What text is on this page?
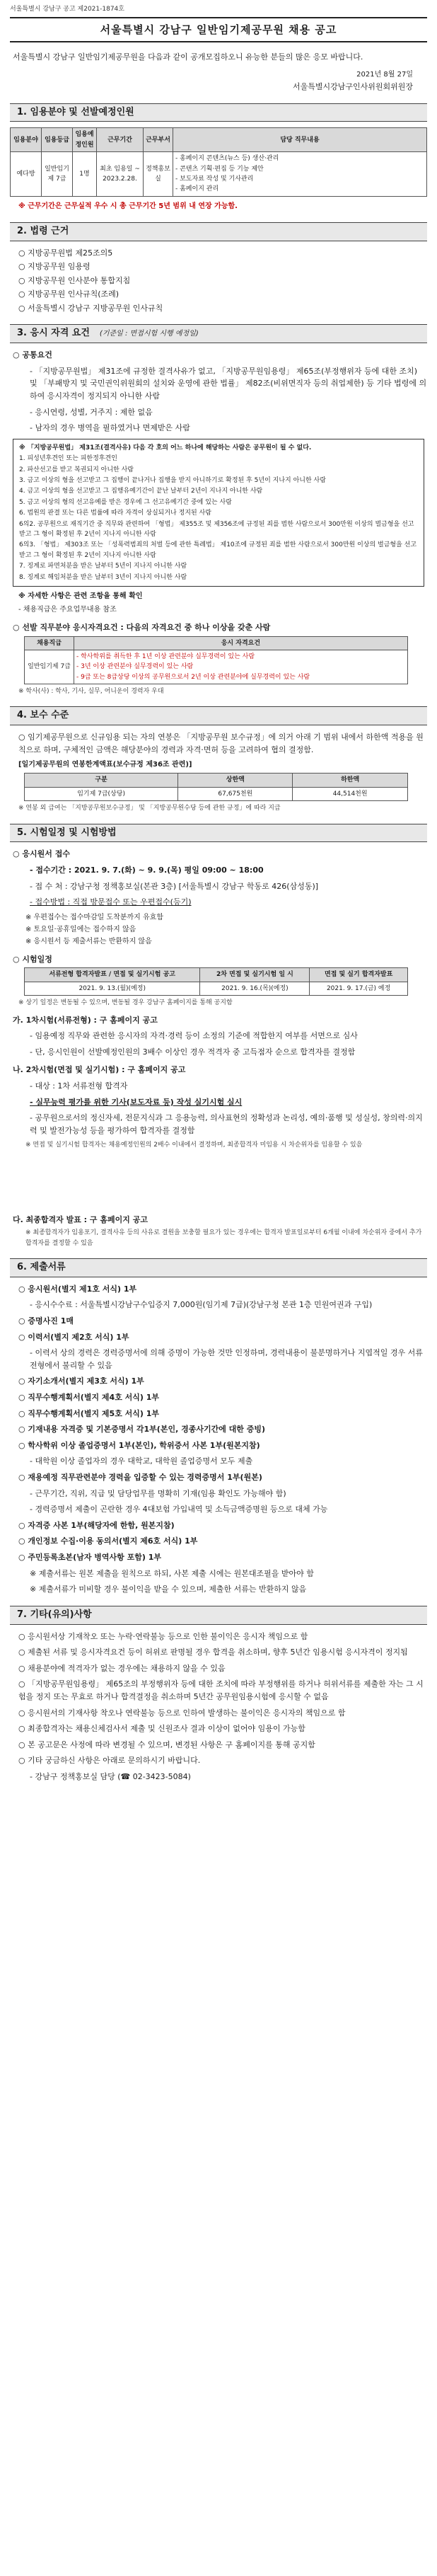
서울특별시 강남구 공고 제2021-1874호
서울특별시 강남구 일반임기제공무원 채용 공고

서울특별시 강남구 일반임기제공무원을 다음과 같이 공개모집하오니 유능한 분들의 많은 응모 바랍니다.

2021년 8월 27일
서울특별시강남구인사위원회위원장
1. 임용분야 및 선발예정인원
임용분야	임용등급	임용예정인원	근무기간	근무부서	담당 직무내용
예다방	일반임기제 7급	1명	최초 임용일 ~ 2023.2.28.	정책홍보실	- 홍페이지 콘텐츠(뉴스 등) 생산·관리
- 콘텐츠 기획·편집 등 기능 제안
- 보도자료 작성 및 기사관리
- 홈페이지 관리

※ 근무기간은 근무실적 우수 시 총 근무기간 5년 범위 내 연장 가능함.

2. 법령 근거

○ 지방공무원법 제25조의5

○ 지방공무원 임용령

○ 지방공무원 인사분야 통합지침

○ 지방공무원 인사규칙(조례)

○ 서울특별시 강남구 지방공무원 인사규칙

3. 응시 자격 요건 (기준일 : 면접시험 시행 예정일)

○ 공통요건

- 「지방공무원법」 제31조에 규정한 결격사유가 없고, 「지방공무원임용령」 제65조(부정행위자 등에 대한 조치) 및 「부패방지 및 국민권익위원회의 설치와 운영에 관한 법률」 제82조(비위면직자 등의 취업제한) 등 기타 법령에 의하여 응시자격이 정지되지 아니한 사람

- 응시연령, 성별, 거주지 : 제한 없음

- 남자의 경우 병역을 필하였거나 면제받은 사람

※ 「지방공무원법」 제31조(결격사유) 다음 각 호의 어느 하나에 해당하는 사람은 공무원이 될 수 없다.

1. 피성년후견인 또는 피한정후견인

2. 파산선고를 받고 복권되지 아니한 사람

3. 금고 이상의 형을 선고받고 그 집행이 끝나거나 집행을 받지 아니하기로 확정된 후 5년이 지나지 아니한 사람

4. 금고 이상의 형을 선고받고 그 집행유예기간이 끝난 날부터 2년이 지나지 아니한 사람

5. 금고 이상의 형의 선고유예를 받은 경우에 그 선고유예기간 중에 있는 사람

6. 법원의 판결 또는 다른 법률에 따라 자격이 상실되거나 정지된 사람

6의2. 공무원으로 재직기간 중 직무와 관련하여 「형법」 제355조 및 제356조에 규정된 죄를 범한 사람으로서 300만원 이상의 벌금형을 선고받고 그 형이 확정된 후 2년이 지나지 아니한 사람

6의3. 「형법」 제303조 또는 「성폭력범죄의 처벌 등에 관한 특례법」 제10조에 규정된 죄를 범한 사람으로서 300만원 이상의 벌금형을 선고받고 그 형이 확정된 후 2년이 지나지 아니한 사람

7. 징계로 파면처분을 받은 날부터 5년이 지나지 아니한 사람

8. 징계로 해임처분을 받은 날부터 3년이 지나지 아니한 사람

※ 자세한 사항은 관련 조항을 통해 확인

- 채용직급은 주요업무내용 참조

○ 선발 직무분야 응시자격요건 : 다음의 자격요건 중 하나 이상을 갖춘 사람

채용직급	응시 자격요건
일반임기제 7급	- 학사학위를 취득한 후 1년 이상 관련분야 실무경력이 있는 사람
- 3년 이상 관련분야 실무경력이 있는 사람
- 9급 또는 8급상당 이상의 공무원으로서 2년 이상 관련분야에 실무경력이 있는 사람

※ 학사(사) : 학사, 기사, 실무, 어니운이 경력자 우대

4. 보수 수준

○ 임기제공무원으로 신규임용 되는 자의 연봉은 「지방공무원 보수규정」에 의거 아래 기 범위 내에서 하한액 적용을 원칙으로 하며, 구체적인 금액은 해당분야의 경력과 자격·면허 등을 고려하여 협의 결정함.

[일기제공무원의 연봉한계액표(보수규정 제36조 관련)]

구분	상한액	하한액
임기제 7급(상당)	67,675천원	44,514천원

※ 연봉 외 급여는 「지방공무원보수규정」 및 「지방공무원수당 등에 관한 규정」에 따라 지급

5. 시험일정 및 시험방법

○ 응시원서 접수

- 접수기간 : 2021. 9. 7.(화) ~ 9. 9.(목) 평일 09:00 ~ 18:00

- 접 수 처 : 강남구청 정책홍보실(본관 3층) [서울특별시 강남구 학동로 426(삼성동)]

- 접수방법 : 직접 방문접수 또는 우편접수(등기)

※ 우편접수는 접수마감일 도착분까지 유효함

※ 토요일·공휴일에는 접수하지 않음

※ 응시원서 등 제출서류는 반환하지 않음

○ 시험일정

서류전형 합격자발표 / 면접 및 실기시험 공고	2차 면접 및 실기시험 일 시	면접 및 실기 합격자발표
2021. 9. 13.(월)(예정)	2021. 9. 16.(목)(예정)	2021. 9. 17.(금) 예정

※ 상기 일정은 변동될 수 있으며, 변동될 경우 강남구 홈페이지를 통해 공지함

가. 1차시험(서류전형) : 구 홈페이지 공고

- 임용예정 직무와 관련한 응시자의 자격·경력 등이 소정의 기준에 적합한지 여부를 서면으로 심사

- 단, 응시인원이 선발예정인원의 3배수 이상인 경우 적격자 중 고득점자 순으로 합격자를 결정함

나. 2차시험(면접 및 실기시험) : 구 홈페이지 공고

- 대상 : 1차 서류전형 합격자

- 실무능력 평가를 위한 기사(보도자료 등) 작성 실기시험 실시

- 공무원으로서의 정신자세, 전문지식과 그 응용능력, 의사표현의 정확성과 논리성, 예의·품행 및 성실성, 창의력·의지력 및 발전가능성 등을 평가하여 합격자를 결정함

※ 면접 및 실기시험 합격자는 채용예정인원의 2배수 이내에서 결정하며, 최종합격자 미임용 시 차순위자를 임용할 수 있음

다. 최종합격자 발표 : 구 홈페이지 공고

※ 최종합격자가 임용포기, 결격사유 등의 사유로 결원을 보충할 필요가 있는 경우에는 합격자 발표일로부터 6개월 이내에 차순위자 중에서 추가합격자를 결정할 수 있음

6. 제출서류

○ 응시원서(별지 제1호 서식) 1부

- 응시수수료 : 서울특별시강남구수입증지 7,000원(임기제 7급)(강남구청 본관 1층 민원여권과 구입)

○ 증명사진 1매

○ 이력서(별지 제2호 서식) 1부

- 이력서 상의 경력은 경력증명서에 의해 증명이 가능한 것만 인정하며, 경력내용이 불분명하거나 지엽적일 경우 서류전형에서 불리할 수 있음

○ 자기소개서(별지 제3호 서식) 1부

○ 직무수행계획서(별지 제4호 서식) 1부

○ 직무수행계획서(별지 제5호 서식) 1부

○ 기재내용 자격증 및 기본증명서 각1부(본인, 경종사기간에 대한 증빙)

○ 학사학위 이상 졸업증명서 1부(본인), 학위증서 사본 1부(원본지참)

- 대학원 이상 졸업자의 경우 대학교, 대학원 졸업증명서 모두 제출

○ 재용예정 직무관련분야 경력을 입증할 수 있는 경력증명서 1부(원본)

- 근무기간, 직위, 직급 및 담당업무를 명확히 기재(임용 확인도 가능해야 함)

- 경력증명서 제출이 곤란한 경우 4대보험 가입내역 및 소득금액증명원 등으로 대체 가능

○ 자격증 사본 1부(해당자에 한함, 원본지참)

○ 개인정보 수집·이용 동의서(별지 제6호 서식) 1부

○ 주민등록초본(남자 병역사항 포함) 1부

※ 제출서류는 원본 제출을 원칙으로 하되, 사본 제출 시에는 원본대조필을 받아야 함

※ 제출서류가 미비할 경우 불이익을 받을 수 있으며, 제출한 서류는 반환하지 않음

7. 기타(유의)사항

○ 응시원서상 기재착오 또는 누락·연락불능 등으로 인한 불이익은 응시자 책임으로 함

○ 제출된 서류 및 응시자격요건 등이 허위로 판명될 경우 합격을 취소하며, 향후 5년간 임용시험 응시자격이 정지됨

○ 채용분야에 적격자가 없는 경우에는 채용하지 않을 수 있음

○ 「지방공무원임용령」 제65조의 부정행위자 등에 대한 조치에 따라 부정행위를 하거나 허위서류를 제출한 자는 그 시험을 정지 또는 무효로 하거나 합격결정을 취소하며 5년간 공무원임용시험에 응시할 수 없음

○ 응시원서의 기재사항 착오나 연락불능 등으로 인하여 발생하는 불이익은 응시자의 책임으로 함

○ 최종합격자는 채용신체검사서 제출 및 신원조사 결과 이상이 없어야 임용이 가능함

○ 본 공고문은 사정에 따라 변경될 수 있으며, 변경된 사항은 구 홈페이지를 통해 공지함

○ 기타 궁금하신 사항은 아래로 문의하시기 바랍니다.

- 강남구 정책홍보실 담당 (☎ 02-3423-5084)
